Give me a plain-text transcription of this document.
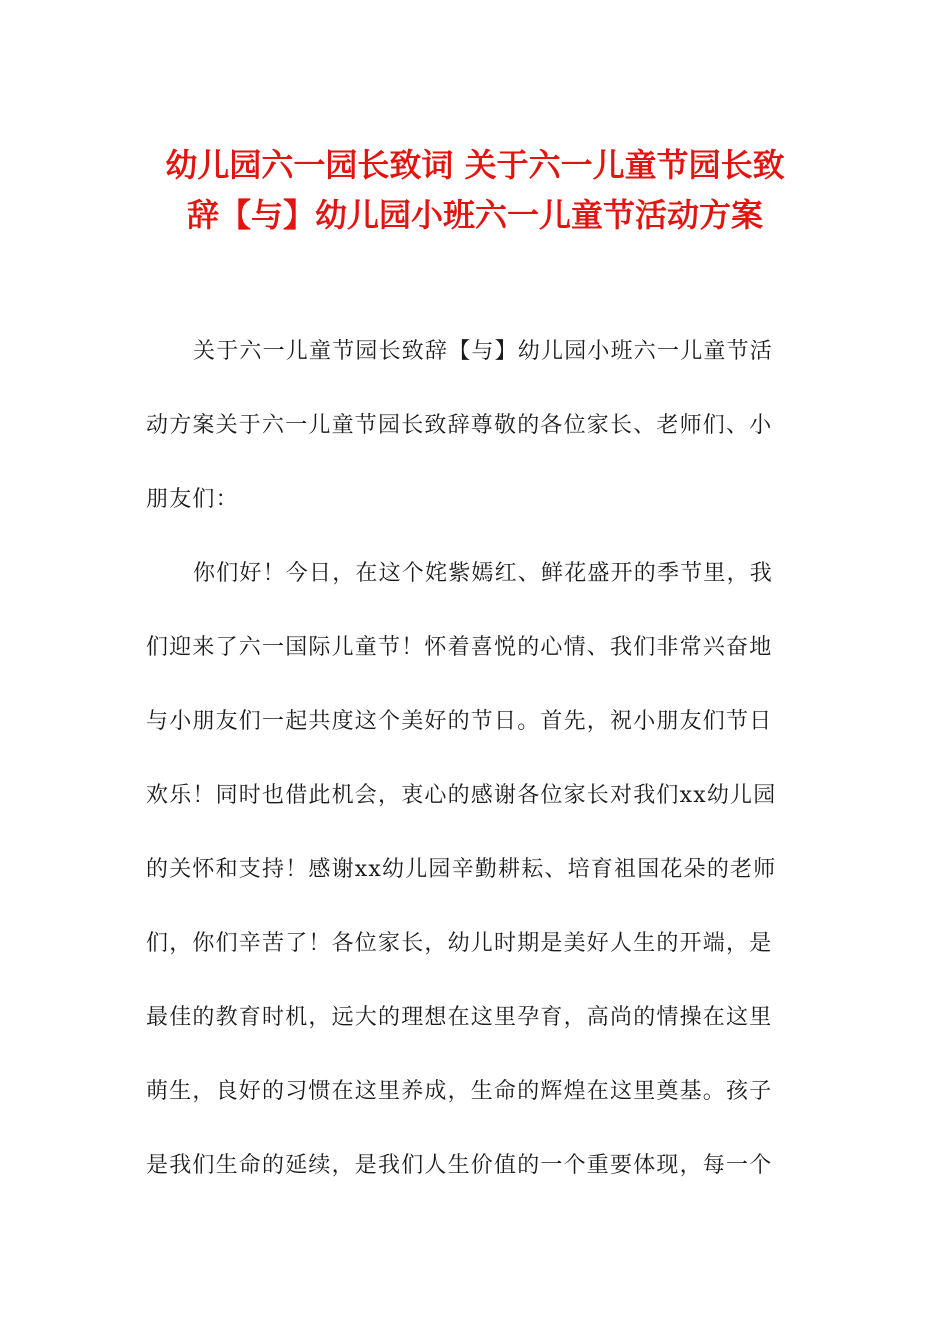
幼儿园六一园长致词 关于六一儿童节园长致
辞【与】幼儿园小班六一儿童节活动方案
关于六一儿童节园长致辞【与】幼儿园小班六一儿童节活
动方案关于六一儿童节园长致辞尊敬的各位家长、老师们、小
朋友们：
你们好！今日，在这个姹紫嫣红、鲜花盛开的季节里，我
们迎来了六一国际儿童节！怀着喜悦的心情、我们非常兴奋地
与小朋友们一起共度这个美好的节日。首先，祝小朋友们节日
欢乐！同时也借此机会，衷心的感谢各位家长对我们xx幼儿园
的关怀和支持！感谢xx幼儿园辛勤耕耘、培育祖国花朵的老师
们，你们辛苦了！各位家长，幼儿时期是美好人生的开端，是
最佳的教育时机，远大的理想在这里孕育，高尚的情操在这里
萌生，良好的习惯在这里养成，生命的辉煌在这里奠基。孩子
是我们生命的延续，是我们人生价值的一个重要体现，每一个
